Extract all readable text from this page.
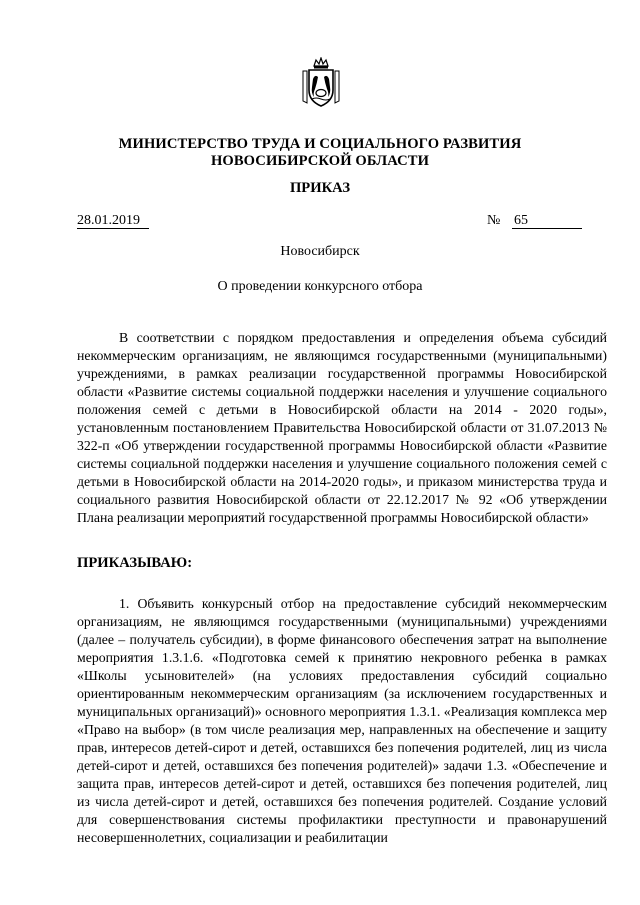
МИНИСТЕРСТВО ТРУДА И СОЦИАЛЬНОГО РАЗВИТИЯ
НОВОСИБИРСКОЙ ОБЛАСТИ
ПРИКАЗ
28.01.2019	№ 65
Новосибирск
О проведении конкурсного отбора

В соответствии с порядком предоставления и определения объема субсидий некоммерческим организациям, не являющимся государственными (муниципальными) учреждениями, в рамках реализации государственной программы Новосибирской области «Развитие системы социальной поддержки населения и улучшение социального положения семей с детьми в Новосибирской области на 2014 - 2020 годы», установленным постановлением Правительства Новосибирской области от 31.07.2013 № 322-п «Об утверждении государственной программы Новосибирской области «Развитие системы социальной поддержки населения и улучшение социального положения семей с детьми в Новосибирской области на 2014-2020 годы», и приказом министерства труда и социального развития Новосибирской области от 22.12.2017 № 92 «Об утверждении Плана реализации мероприятий государственной программы Новосибирской области»

ПРИКАЗЫВАЮ:

1. Объявить конкурсный отбор на предоставление субсидий некоммерческим организациям, не являющимся государственными (муниципальными) учреждениями (далее – получатель субсидии), в форме финансового обеспечения затрат на выполнение мероприятия 1.3.1.6. «Подготовка семей к принятию некровного ребенка в рамках «Школы усыновителей» (на условиях предоставления субсидий социально ориентированным некоммерческим организациям (за исключением государственных и муниципальных организаций)» основного мероприятия 1.3.1. «Реализация комплекса мер «Право на выбор» (в том числе реализация мер, направленных на обеспечение и защиту прав, интересов детей-сирот и детей, оставшихся без попечения родителей, лиц из числа детей-сирот и детей, оставшихся без попечения родителей)» задачи 1.3. «Обеспечение и защита прав, интересов детей-сирот и детей, оставшихся без попечения родителей, лиц из числа детей-сирот и детей, оставшихся без попечения родителей. Создание условий для совершенствования системы профилактики преступности и правонарушений несовершеннолетних, социализации и реабилитации
